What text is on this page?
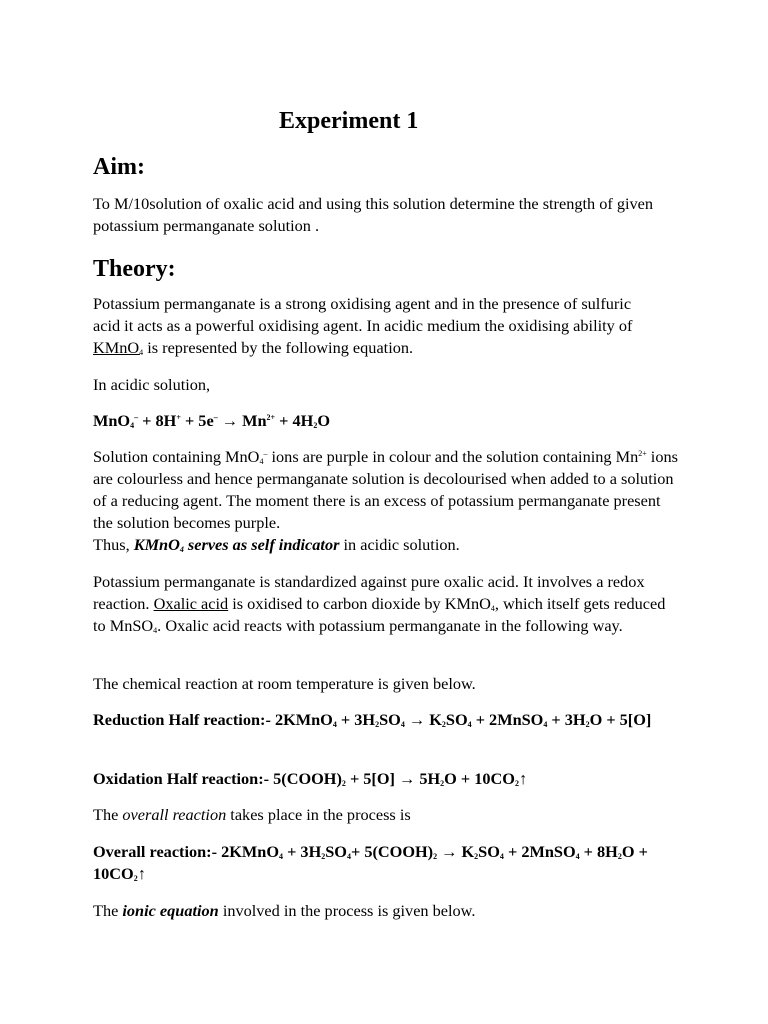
Experiment 1
Aim:

To M/10solution of oxalic acid and using this solution determine the strength of given potassium permanganate solution .

Theory:

Potassium permanganate is a strong oxidising agent and in the presence of sulfuric acid it acts as a powerful oxidising agent. In acidic medium the oxidising ability of KMnO$_4$ is represented by the following equation.

In acidic solution,

$MnO_4^- + 8H^+ + 5e^- \to Mn^{2+} + 4H_2O$

Solution containing MnO$_4$– ions are purple in colour and the solution containing $Mn^{2+}$ ions are colourless and hence permanganate solution is decolourised when added to a solution of a reducing agent. The moment there is an excess of potassium permanganate present the solution becomes purple.
Thus, KMnO$_4$ serves as self indicator in acidic solution.

Potassium permanganate is standardized against pure oxalic acid. It involves a redox reaction. Oxalic acid is oxidised to carbon dioxide by KMnO$_4$, which itself gets reduced to MnSO$_4$. Oxalic acid reacts with potassium permanganate in the following way.

The chemical reaction at room temperature is given below.

Reduction Half reaction:- 2KMnO$_4$ + $3H_2SO_4 \to K_2SO_4$ + 2MnSO$_4$ + $3H_2O + 5[O]$

Oxidation Half reaction:- $5(COOH)_2 + 5[O] \to 5H_2O$ + $10CO_2↑$

The overall reaction takes place in the process is

Overall reaction:- 2KMnO$_4$ + $3H_2SO_4+$ $5(COOH)_2 \to K_2SO_4$ + 2MnSO$_4$ + $8H_2O$ + $10CO_2↑$

The ionic equation involved in the process is given below.
